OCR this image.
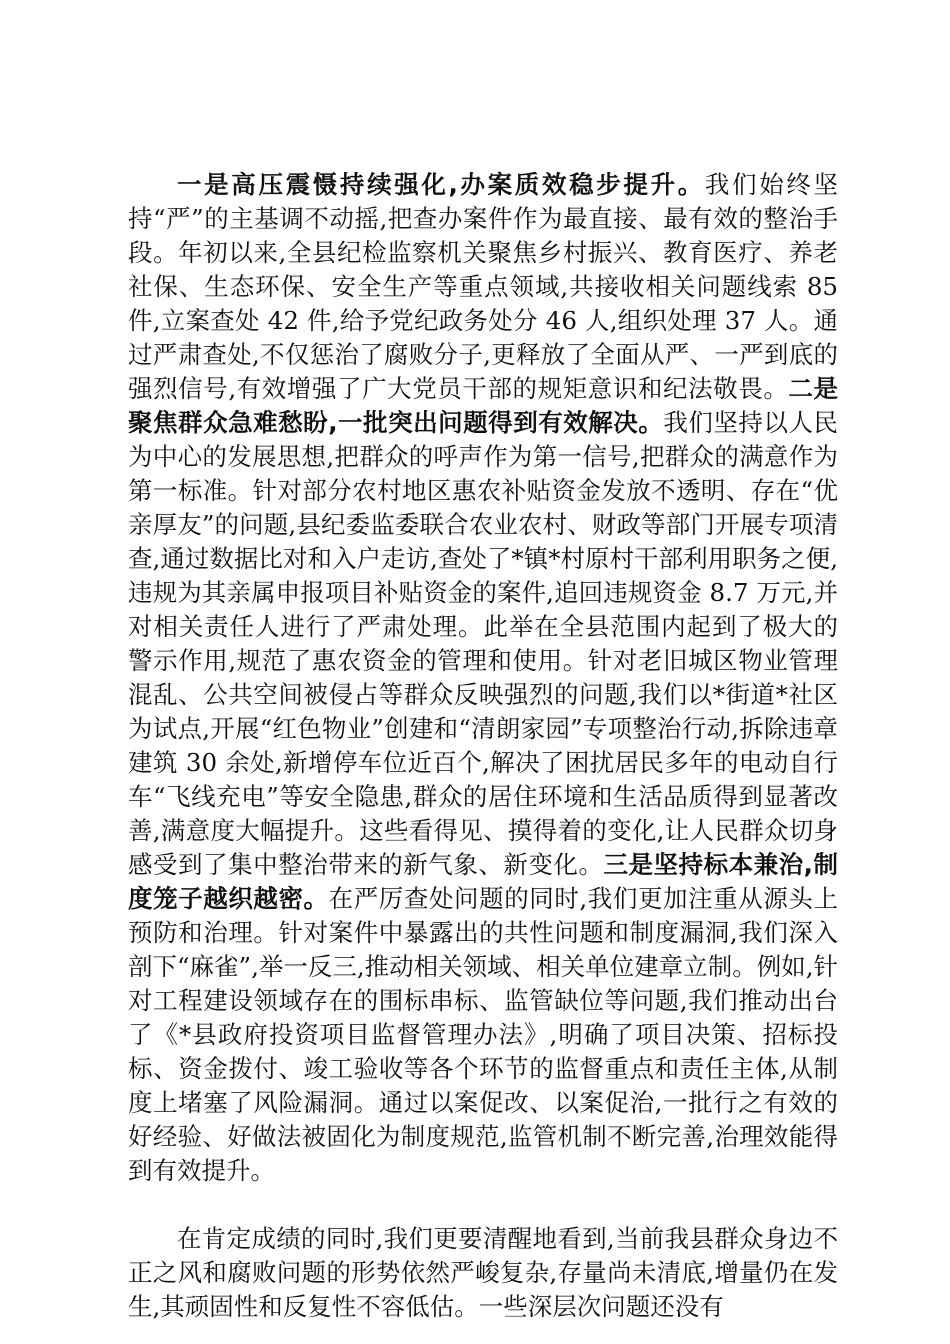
一是高压震慑持续强化,办案质效稳步提升。我们始终坚持“严”的主基调不动摇,把查办案件作为最直接、最有效的整治手段。年初以来,全县纪检监察机关聚焦乡村振兴、教育医疗、养老社保、生态环保、安全生产等重点领域,共接收相关问题线索 85 件,立案查处 42 件,给予党纪政务处分 46 人,组织处理 37 人。通过严肃查处,不仅惩治了腐败分子,更释放了全面从严、一严到底的强烈信号,有效增强了广大党员干部的规矩意识和纪法敬畏。二是聚焦群众急难愁盼,一批突出问题得到有效解决。我们坚持以人民为中心的发展思想,把群众的呼声作为第一信号,把群众的满意作为第一标准。针对部分农村地区惠农补贴资金发放不透明、存在“优亲厚友”的问题,县纪委监委联合农业农村、财政等部门开展专项清查,通过数据比对和入户走访,查处了*镇*村原村干部利用职务之便,违规为其亲属申报项目补贴资金的案件,追回违规资金 8.7 万元,并对相关责任人进行了严肃处理。此举在全县范围内起到了极大的警示作用,规范了惠农资金的管理和使用。针对老旧城区物业管理混乱、公共空间被侵占等群众反映强烈的问题,我们以*街道*社区为试点,开展“红色物业”创建和“清朗家园”专项整治行动,拆除违章建筑 30 余处,新增停车位近百个,解决了困扰居民多年的电动自行车“飞线充电”等安全隐患,群众的居住环境和生活品质得到显著改善,满意度大幅提升。这些看得见、摸得着的变化,让人民群众切身感受到了集中整治带来的新气象、新变化。三是坚持标本兼治,制度笼子越织越密。在严厉查处问题的同时,我们更加注重从源头上预防和治理。针对案件中暴露出的共性问题和制度漏洞,我们深入剖下“麻雀”,举一反三,推动相关领域、相关单位建章立制。例如,针对工程建设领域存在的围标串标、监管缺位等问题,我们推动出台了《*县政府投资项目监督管理办法》,明确了项目决策、招标投标、资金拨付、竣工验收等各个环节的监督重点和责任主体,从制度上堵塞了风险漏洞。通过以案促改、以案促治,一批行之有效的好经验、好做法被固化为制度规范,监管机制不断完善,治理效能得到有效提升。

在肯定成绩的同时,我们更要清醒地看到,当前我县群众身边不正之风和腐败问题的形势依然严峻复杂,存量尚未清底,增量仍在发生,其顽固性和反复性不容低估。一些深层次问题还没有
